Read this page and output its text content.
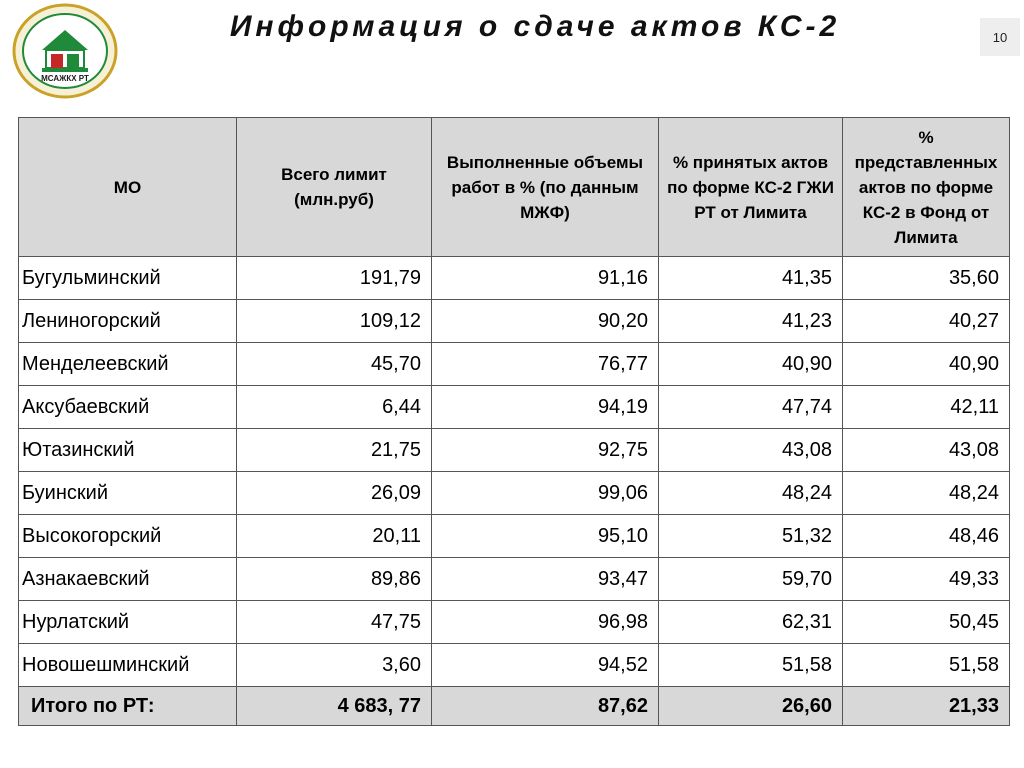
МСАЖКХ РТ
Информация о сдаче актов КС-2	10
МО	Всего лимит (млн.руб)	Выполненные объемы работ в % (по данным МЖФ)	% принятых актов по форме КС-2 ГЖИ РТ от Лимита	% представленных актов по форме КС-2 в Фонд от Лимита
Бугульминский	191,79	91,16	41,35	35,60
Лениногорский	109,12	90,20	41,23	40,27
Менделеевский	45,70	76,77	40,90	40,90
Аксубаевский	6,44	94,19	47,74	42,11
Ютазинский	21,75	92,75	43,08	43,08
Буинский	26,09	99,06	48,24	48,24
Высокогорский	20,11	95,10	51,32	48,46
Азнакаевский	89,86	93,47	59,70	49,33
Нурлатский	47,75	96,98	62,31	50,45
Новошешминский	3,60	94,52	51,58	51,58
Итого по РТ:	4 683, 77	87,62	26,60	21,33
